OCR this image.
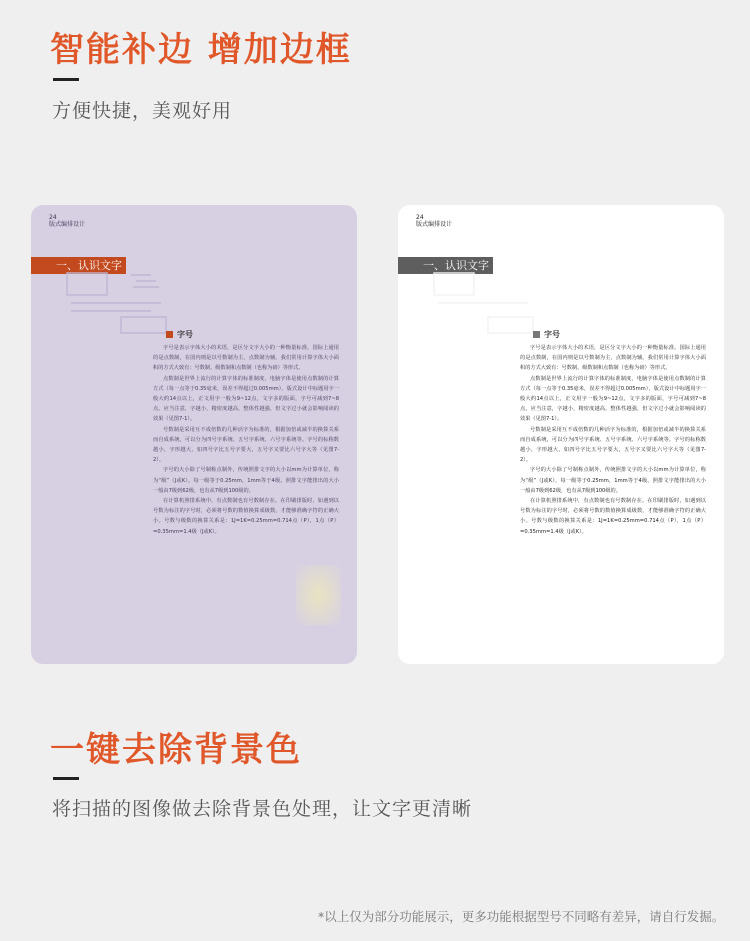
智能补边 增加边框
方便快捷，美观好用
24
版式编排设计
一、认识文字
字号

字号是表示字体大小的术语，是区分文字大小的一种衡量标准。国际上通用的是点数制，在国内则是以号数制为主，点数制为辅。我们常用计算字体大小面积的方式大致有：号数制、级数制和点数制（也称为磅）等形式。

点数制是世界上流行的计算字体的标准制度，电脑字体是使用点数制的计算方式（每一点等于0.35毫米，误差不得超过0.005mm），版式设计中标题用字一般大约14点以上，正文用字一般为9~12点，文字多的版面，字号可减到7~8点。应当注意，字越小，精密度越高，整体性越强，但文字过小就会影响阅读的效果（见图7-1）。

号数制是采用互不成倍数的几种活字为标准的，根据加倍或减半的换算关系而自成系统，可以分为四号字系统、五号字系统、六号字系统等。字号的标称数越小，字形越大，如四号字比五号字要大，五号字又要比六号字大等（见图7-2）。

字号的大小除了号制称点制外，传统照排文字的大小以mm为计算单位，称为“级”（J或K），每一级等于0.25mm，1mm等于4级。照排文字能排出的大小一般由7级到62级，也有从7级到100级的。

在计算机照排系统中，有点数制也有号数制存在。在印刷排版时，如遇到以号数为标注的字号时，必须将号数的数值换算成级数，才能够准确字符的正确大小。号数与级数的换算关系是：1J=1K=0.25mm=0.714点（P），1点（P）=0.35mm=1.4级（J或K）。

24
版式编排设计
一、认识文字
字号

字号是表示字体大小的术语，是区分文字大小的一种衡量标准。国际上通用的是点数制，在国内则是以号数制为主，点数制为辅。我们常用计算字体大小面积的方式大致有：号数制、级数制和点数制（也称为磅）等形式。

点数制是世界上流行的计算字体的标准制度，电脑字体是使用点数制的计算方式（每一点等于0.35毫米，误差不得超过0.005mm），版式设计中标题用字一般大约14点以上，正文用字一般为9~12点，文字多的版面，字号可减到7~8点。应当注意，字越小，精密度越高，整体性越强，但文字过小就会影响阅读的效果（见图7-1）。

号数制是采用互不成倍数的几种活字为标准的，根据加倍或减半的换算关系而自成系统，可以分为四号字系统、五号字系统、六号字系统等。字号的标称数越小，字形越大，如四号字比五号字要大，五号字又要比六号字大等（见图7-2）。

字号的大小除了号制称点制外，传统照排文字的大小以mm为计算单位，称为“级”（J或K），每一级等于0.25mm，1mm等于4级。照排文字能排出的大小一般由7级到62级，也有从7级到100级的。

在计算机照排系统中，有点数制也有号数制存在。在印刷排版时，如遇到以号数为标注的字号时，必须将号数的数值换算成级数，才能够准确字符的正确大小。号数与级数的换算关系是：1J=1K=0.25mm=0.714点（P），1点（P）=0.35mm=1.4级（J或K）。

一键去除背景色
将扫描的图像做去除背景色处理，让文字更清晰
*以上仅为部分功能展示，更多功能根据型号不同略有差异，请自行发掘。
